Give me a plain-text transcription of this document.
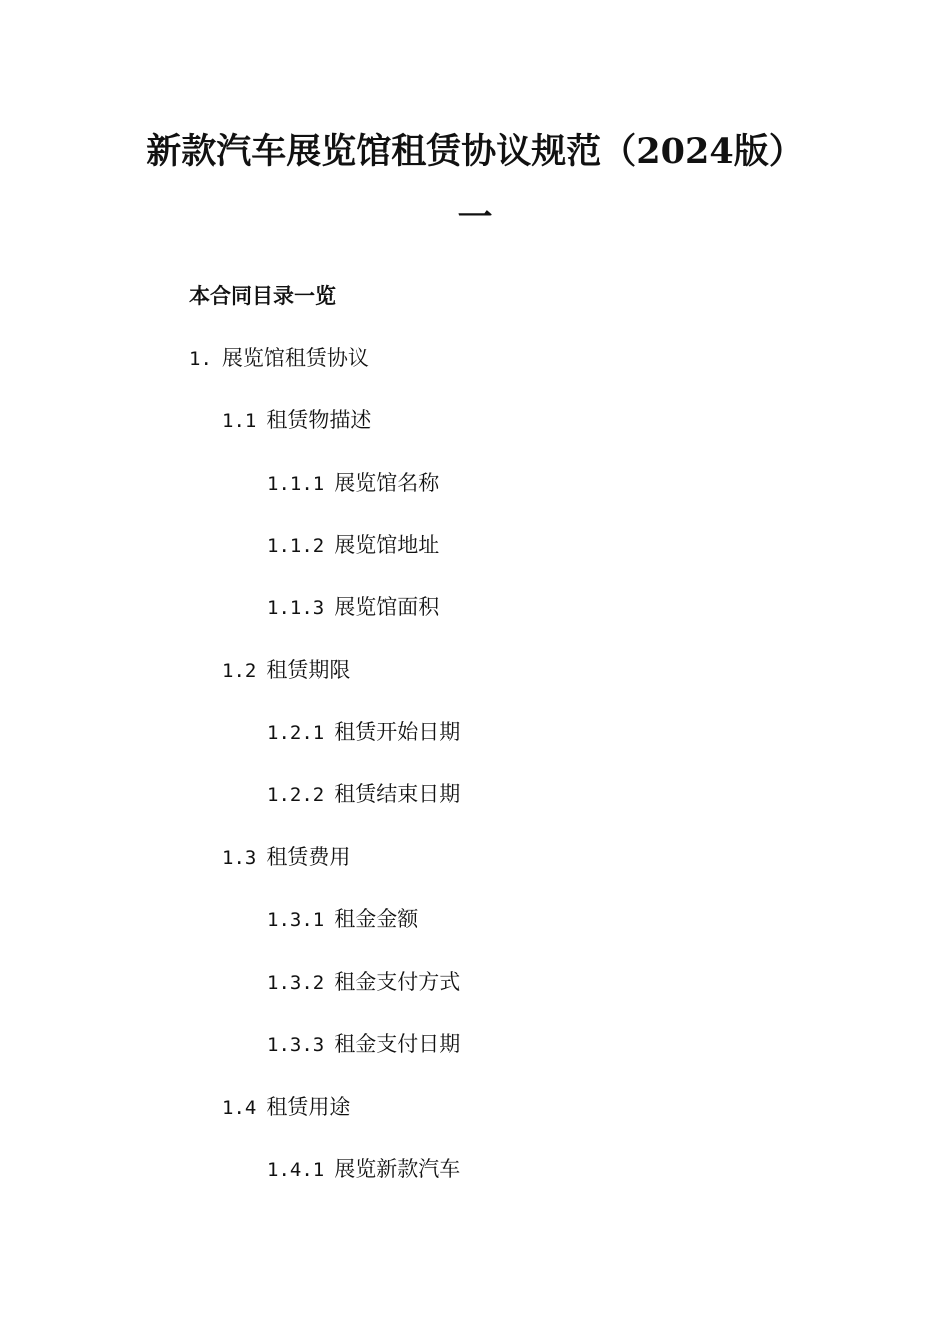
新款汽车展览馆租赁协议规范（2024版）
一
本合同目录一览
1. 展览馆租赁协议
1.1 租赁物描述
1.1.1 展览馆名称
1.1.2 展览馆地址
1.1.3 展览馆面积
1.2 租赁期限
1.2.1 租赁开始日期
1.2.2 租赁结束日期
1.3 租赁费用
1.3.1 租金金额
1.3.2 租金支付方式
1.3.3 租金支付日期
1.4 租赁用途
1.4.1 展览新款汽车
